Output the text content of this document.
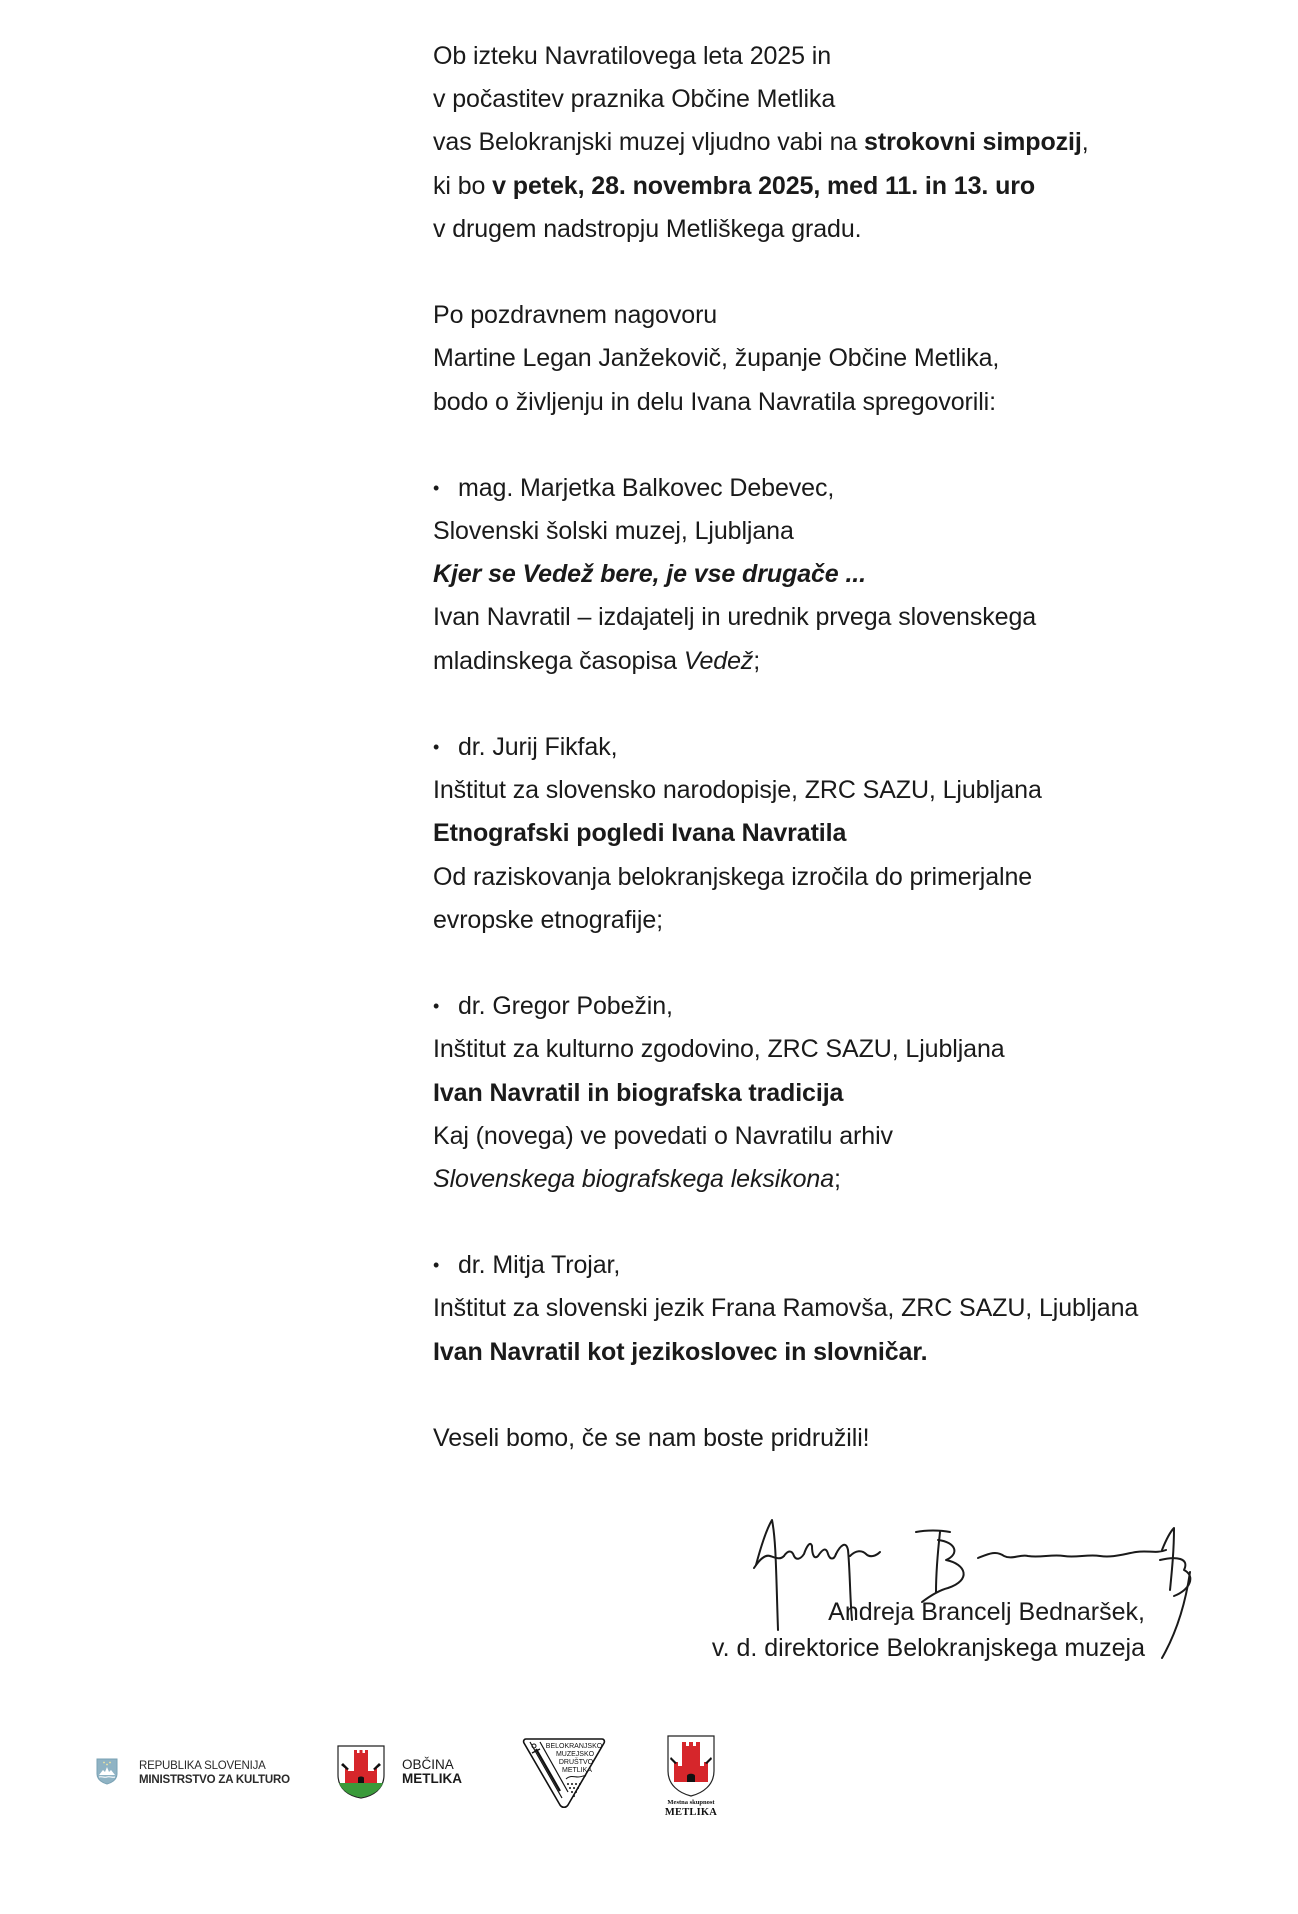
Ob izteku Navratilovega leta 2025 in
v počastitev praznika Občine Metlika
vas Belokranjski muzej vljudno vabi na strokovni simpozij,
ki bo v petek, 28. novembra 2025, med 11. in 13. uro
v drugem nadstropju Metliškega gradu.
Po pozdravnem nagovoru
Martine Legan Janžekovič, županje Občine Metlika,
bodo o življenju in delu Ivana Navratila spregovorili:
• mag. Marjetka Balkovec Debevec,
Slovenski šolski muzej, Ljubljana
Kjer se Vedež bere, je vse drugače ...
Ivan Navratil – izdajatelj in urednik prvega slovenskega
mladinskega časopisa Vedež;
• dr. Jurij Fikfak,
Inštitut za slovensko narodopisje, ZRC SAZU, Ljubljana
Etnografski pogledi Ivana Navratila
Od raziskovanja belokranjskega izročila do primerjalne
evropske etnografije;
• dr. Gregor Pobežin,
Inštitut za kulturno zgodovino, ZRC SAZU, Ljubljana
Ivan Navratil in biografska tradicija
Kaj (novega) ve povedati o Navratilu arhiv
Slovenskega biografskega leksikona;
• dr. Mitja Trojar,
Inštitut za slovenski jezik Frana Ramovša, ZRC SAZU, Ljubljana
Ivan Navratil kot jezikoslovec in slovničar.
Veseli bomo, če se nam boste pridružili!
Andreja Brancelj Bednaršek,
v. d. direktorice Belokranjskega muzeja
REPUBLIKA SLOVENIJA
MINISTRSTVO ZA KULTURO
OBČINA
METLIKA
BELOKRANJSKO
MUZEJSKO
DRUŠTVO
METLIKA
Mestna skupnost
METLIKA
